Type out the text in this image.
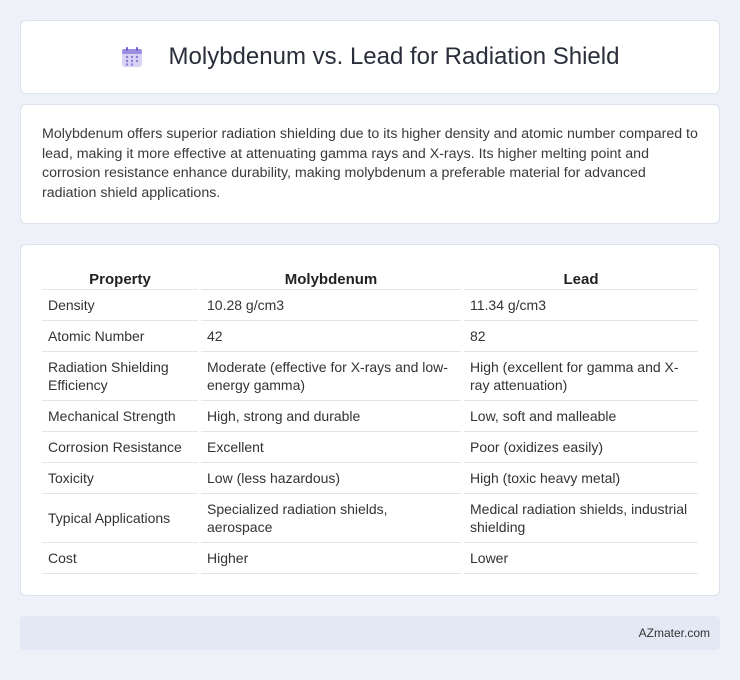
Molybdenum vs. Lead for Radiation Shield

Molybdenum offers superior radiation shielding due to its higher density and atomic number compared to lead, making it more effective at attenuating gamma rays and X-rays. Its higher melting point and corrosion resistance enhance durability, making molybdenum a preferable material for advanced radiation shield applications.

Property	Molybdenum	Lead
Density	10.28 g/cm3	11.34 g/cm3
Atomic Number	42	82
Radiation Shielding Efficiency	Moderate (effective for X-rays and low-energy gamma)	High (excellent for gamma and X-ray attenuation)
Mechanical Strength	High, strong and durable	Low, soft and malleable
Corrosion Resistance	Excellent	Poor (oxidizes easily)
Toxicity	Low (less hazardous)	High (toxic heavy metal)
Typical Applications	Specialized radiation shields, aerospace	Medical radiation shields, industrial shielding
Cost	Higher	Lower
AZmater.com
